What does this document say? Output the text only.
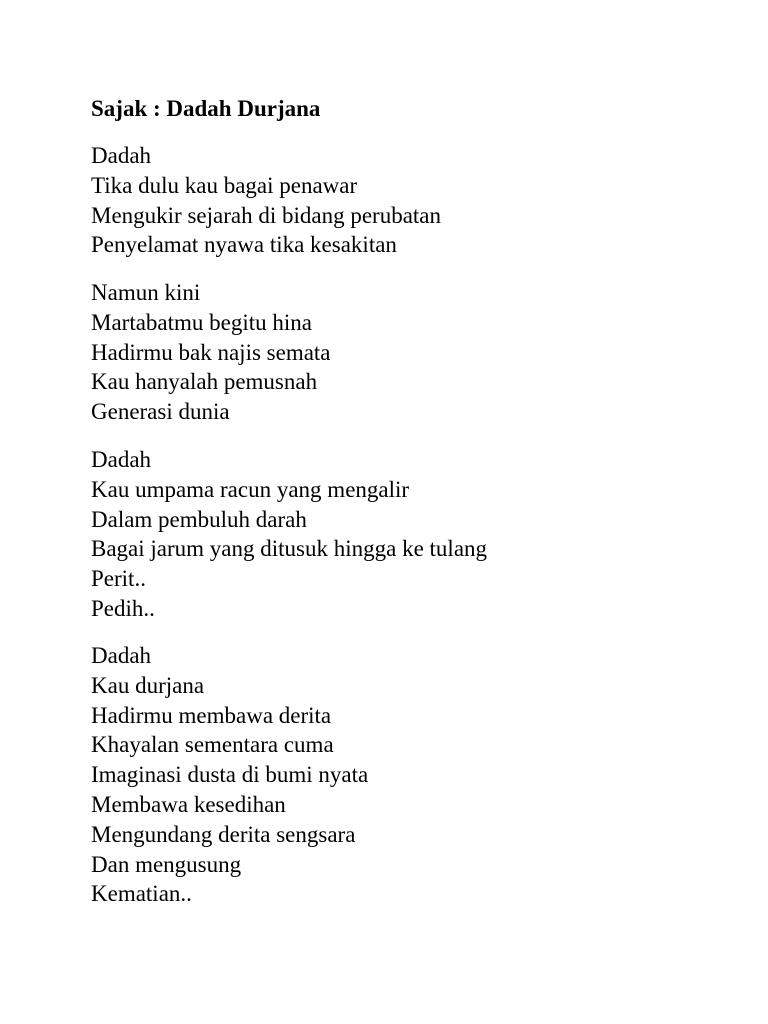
Sajak : Dadah Durjana
Dadah
Tika dulu kau bagai penawar
Mengukir sejarah di bidang perubatan
Penyelamat nyawa tika kesakitan
Namun kini
Martabatmu begitu hina
Hadirmu bak najis semata
Kau hanyalah pemusnah
Generasi dunia
Dadah
Kau umpama racun yang mengalir
Dalam pembuluh darah
Bagai jarum yang ditusuk hingga ke tulang
Perit..
Pedih..
Dadah
Kau durjana
Hadirmu membawa derita
Khayalan sementara cuma
Imaginasi dusta di bumi nyata
Membawa kesedihan
Mengundang derita sengsara
Dan mengusung
Kematian..
